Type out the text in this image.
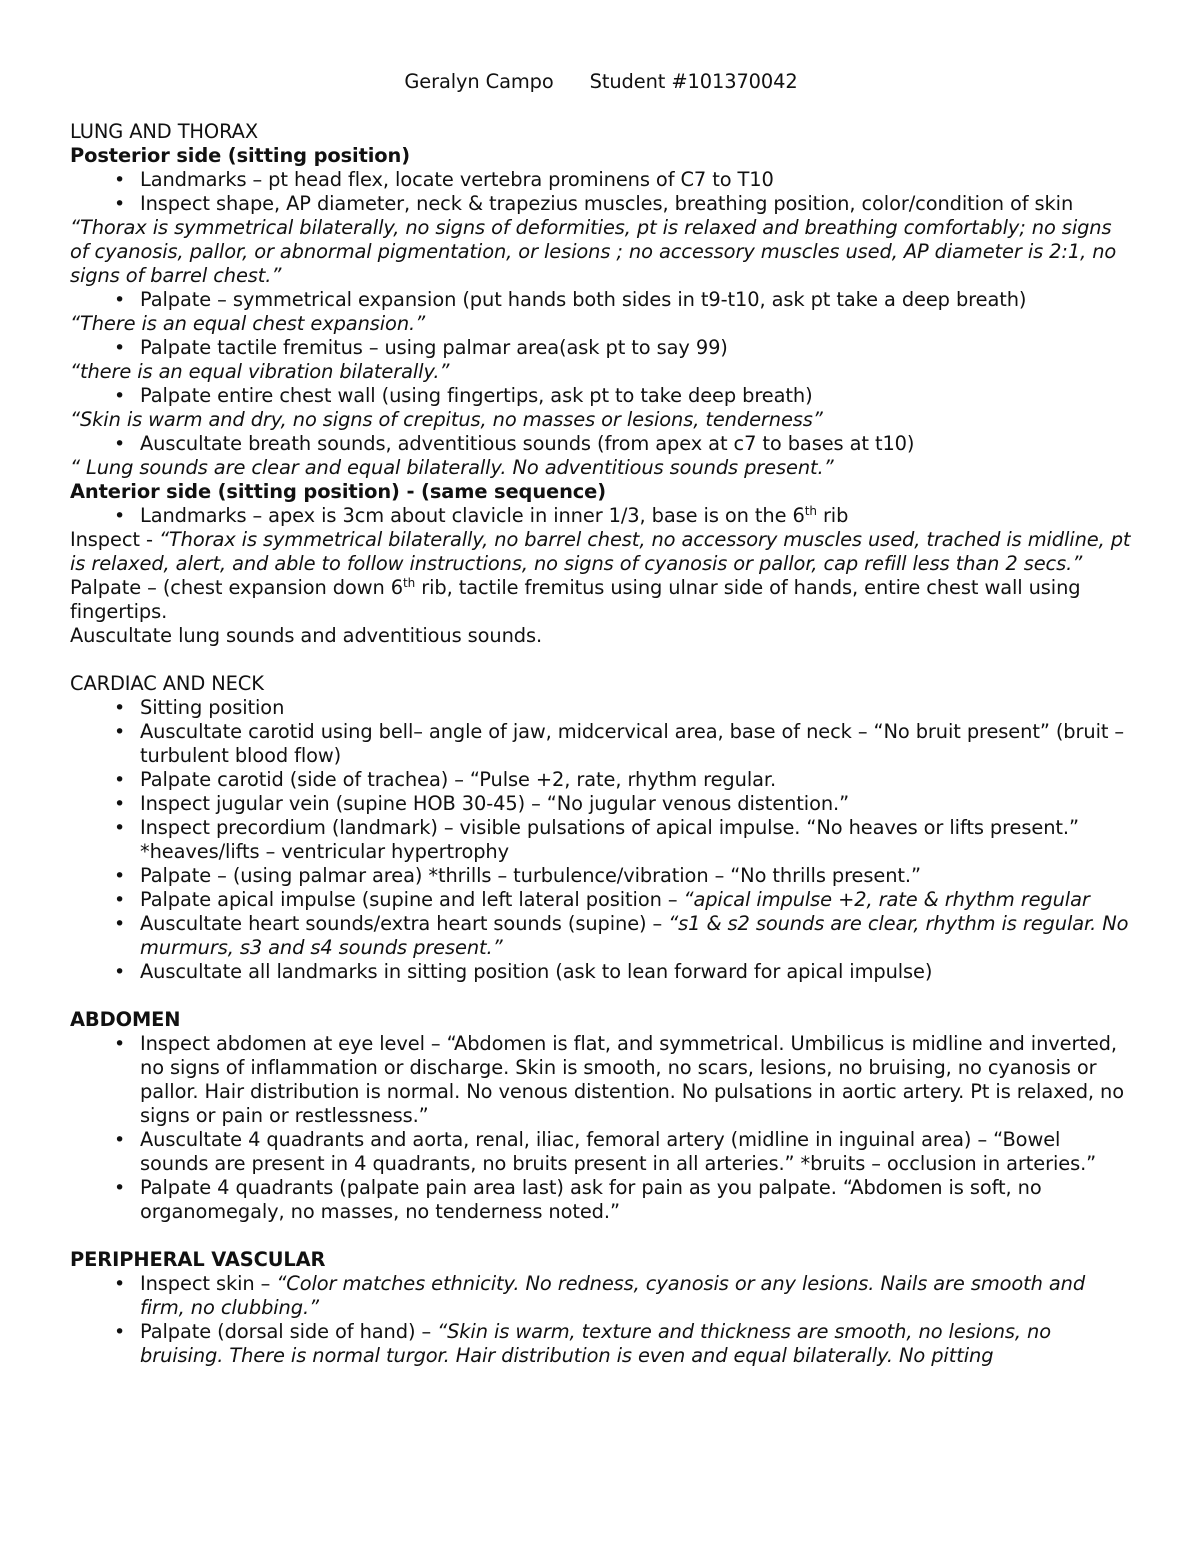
Geralyn Campo Student #101370042
LUNG AND THORAX
Posterior side (sitting position)
• Landmarks – pt head flex, locate vertebra prominens of C7 to T10
• Inspect shape, AP diameter, neck & trapezius muscles, breathing position, color/condition of skin
“Thorax is symmetrical bilaterally, no signs of deformities, pt is relaxed and breathing comfortably; no signs of cyanosis, pallor, or abnormal pigmentation, or lesions ; no accessory muscles used, AP diameter is 2:1, no signs of barrel chest.”
• Palpate – symmetrical expansion (put hands both sides in t9-t10, ask pt take a deep breath)
“There is an equal chest expansion.”
• Palpate tactile fremitus – using palmar area(ask pt to say 99)
“there is an equal vibration bilaterally.”
• Palpate entire chest wall (using fingertips, ask pt to take deep breath)
“Skin is warm and dry, no signs of crepitus, no masses or lesions, tenderness”
• Auscultate breath sounds, adventitious sounds (from apex at c7 to bases at t10)
“ Lung sounds are clear and equal bilaterally. No adventitious sounds present.”
Anterior side (sitting position) - (same sequence)
• Landmarks – apex is 3cm about clavicle in inner 1/3, base is on the 6th rib
Inspect - “Thorax is symmetrical bilaterally, no barrel chest, no accessory muscles used, trached is midline, pt is relaxed, alert, and able to follow instructions, no signs of cyanosis or pallor, cap refill less than 2 secs.”
Palpate – (chest expansion down 6th rib, tactile fremitus using ulnar side of hands, entire chest wall using fingertips.
Auscultate lung sounds and adventitious sounds.
CARDIAC AND NECK
• Sitting position
• Auscultate carotid using bell– angle of jaw, midcervical area, base of neck – “No bruit present” (bruit – turbulent blood flow)
• Palpate carotid (side of trachea) – “Pulse +2, rate, rhythm regular.
• Inspect jugular vein (supine HOB 30-45) – “No jugular venous distention.”
• Inspect precordium (landmark) – visible pulsations of apical impulse. “No heaves or lifts present.” *heaves/lifts – ventricular hypertrophy
• Palpate – (using palmar area) *thrills – turbulence/vibration – “No thrills present.”
• Palpate apical impulse (supine and left lateral position – “apical impulse +2, rate & rhythm regular
• Auscultate heart sounds/extra heart sounds (supine) – “s1 & s2 sounds are clear, rhythm is regular. No murmurs, s3 and s4 sounds present.”
• Auscultate all landmarks in sitting position (ask to lean forward for apical impulse)
ABDOMEN
• Inspect abdomen at eye level – “Abdomen is flat, and symmetrical. Umbilicus is midline and inverted, no signs of inflammation or discharge. Skin is smooth, no scars, lesions, no bruising, no cyanosis or pallor. Hair distribution is normal. No venous distention. No pulsations in aortic artery. Pt is relaxed, no signs or pain or restlessness.”
• Auscultate 4 quadrants and aorta, renal, iliac, femoral artery (midline in inguinal area) – “Bowel sounds are present in 4 quadrants, no bruits present in all arteries.” *bruits – occlusion in arteries.”
• Palpate 4 quadrants (palpate pain area last) ask for pain as you palpate. “Abdomen is soft, no organomegaly, no masses, no tenderness noted.”
PERIPHERAL VASCULAR
• Inspect skin – “Color matches ethnicity. No redness, cyanosis or any lesions. Nails are smooth and firm, no clubbing.”
• Palpate (dorsal side of hand) – “Skin is warm, texture and thickness are smooth, no lesions, no bruising. There is normal turgor. Hair distribution is even and equal bilaterally. No pitting
